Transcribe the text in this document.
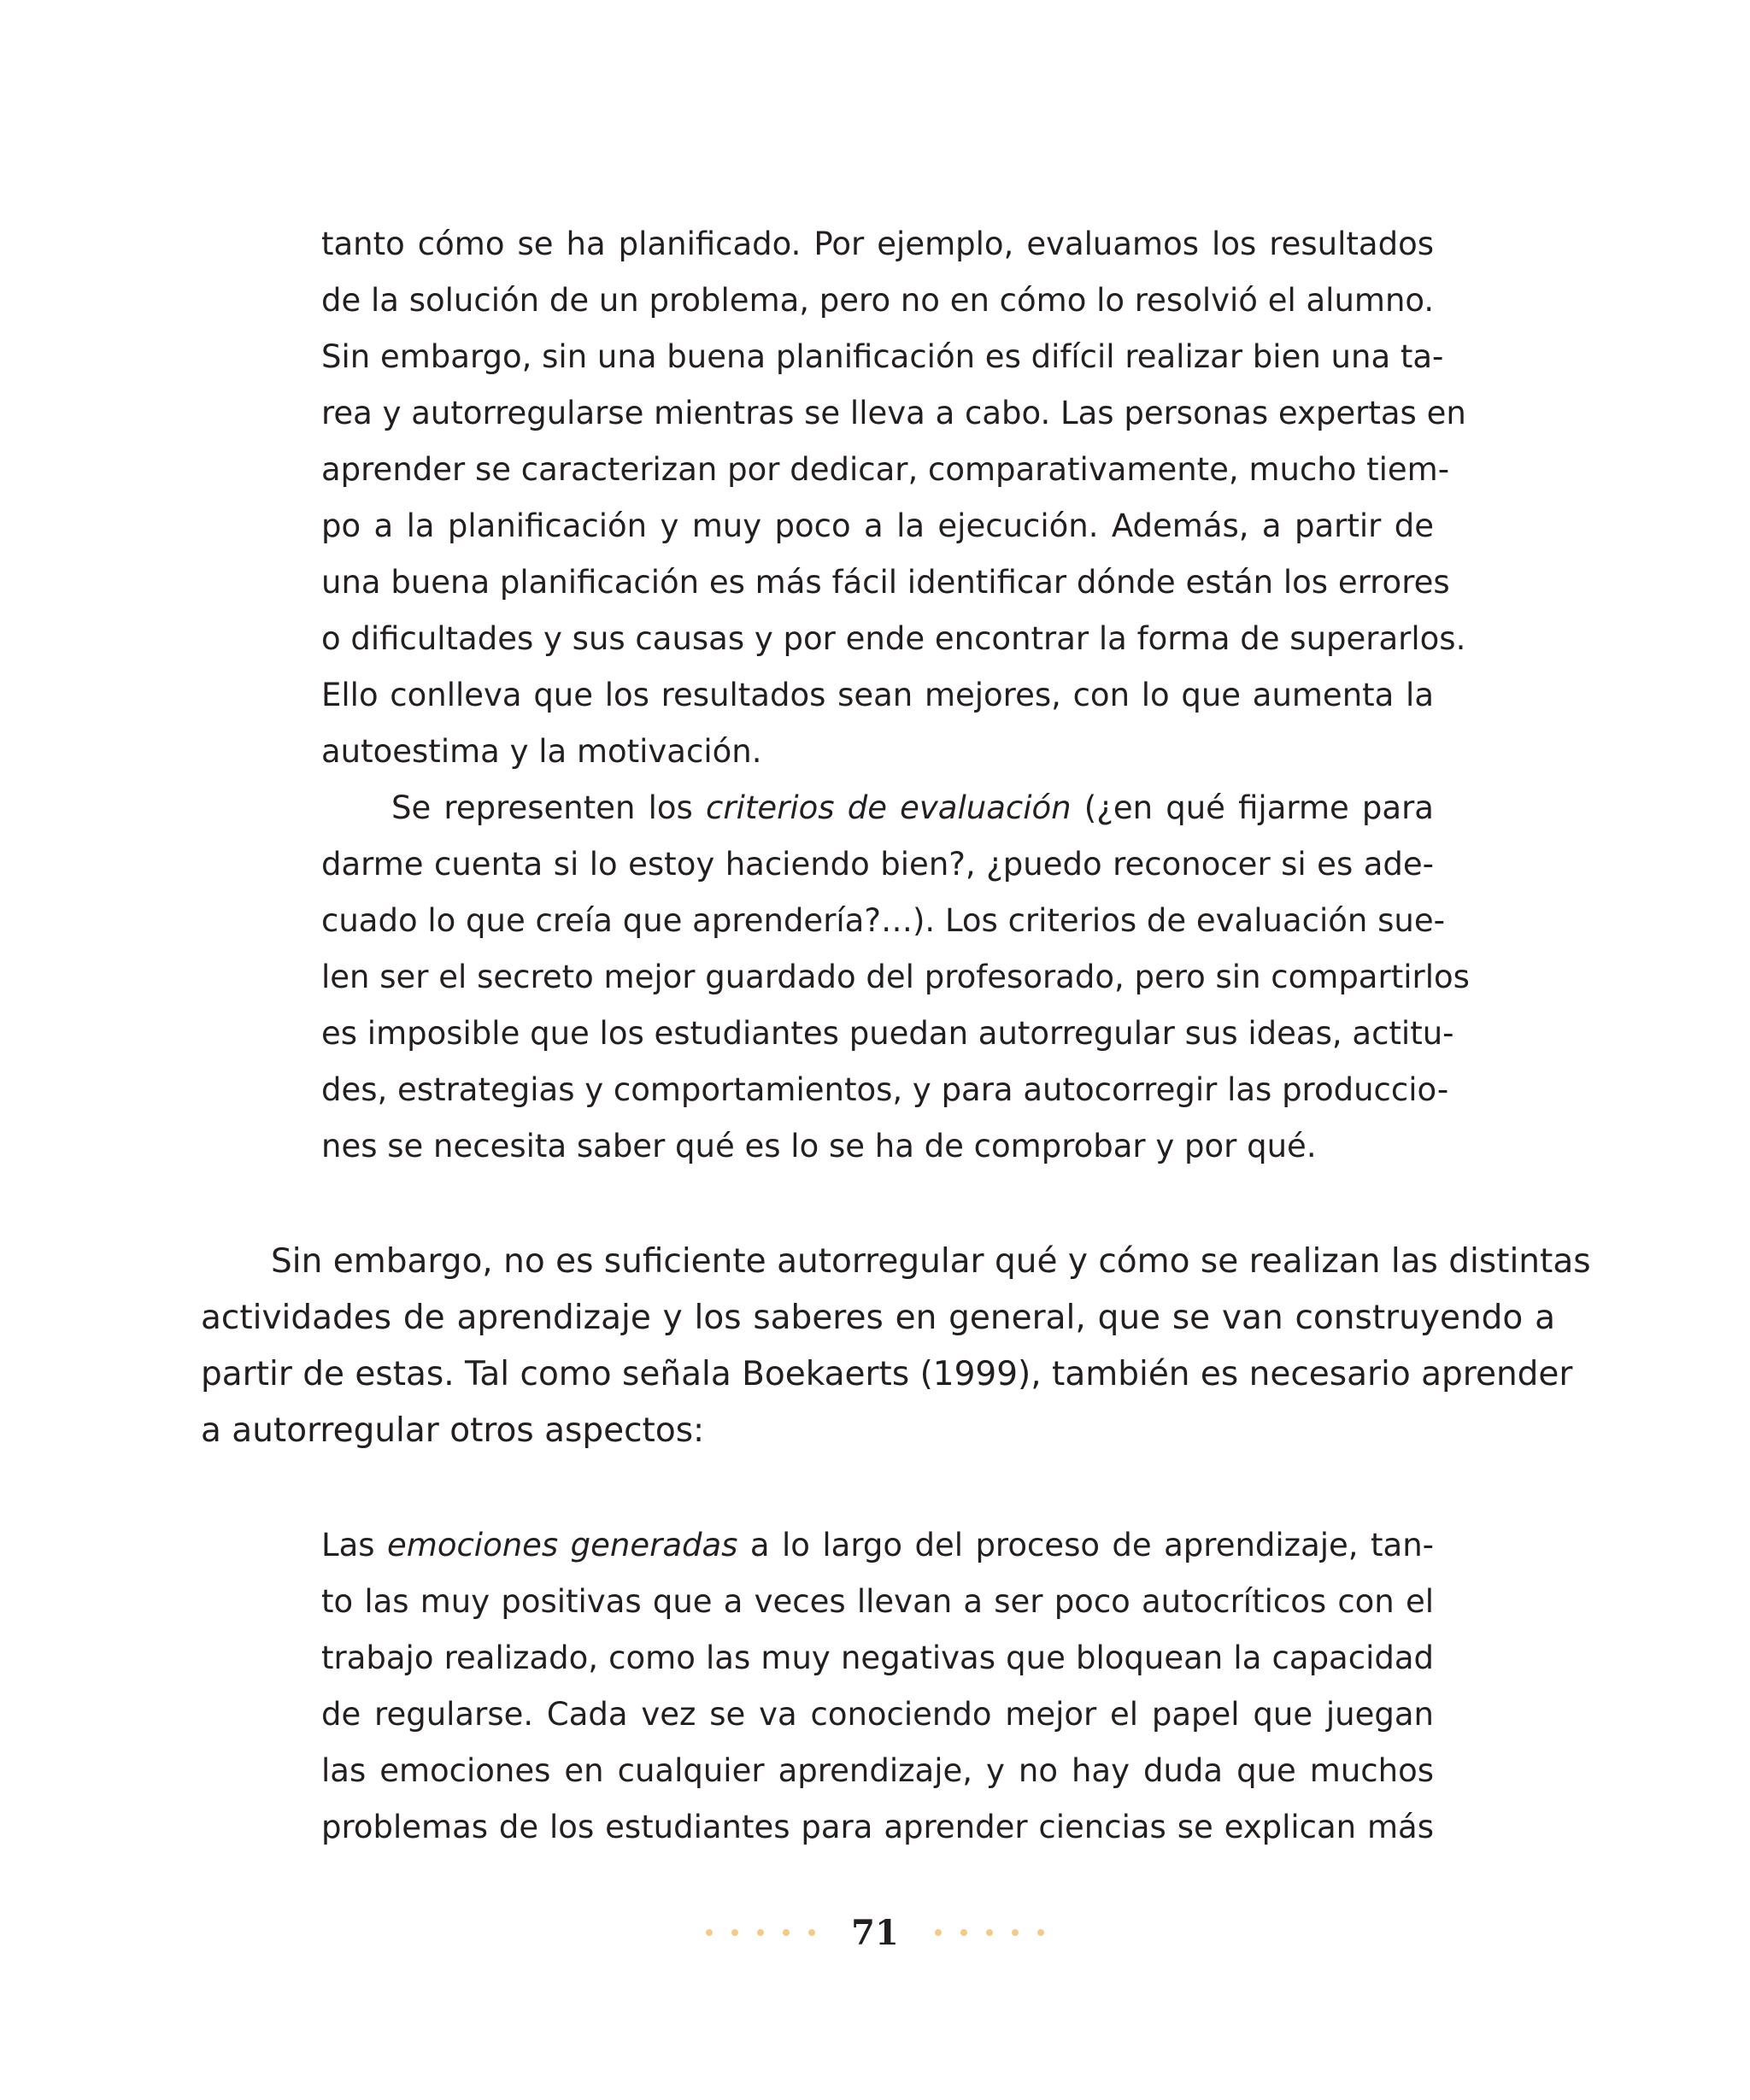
tanto cómo se ha planificado. Por ejemplo, evaluamos los resultados
de la solución de un problema, pero no en cómo lo resolvió el alumno.
Sin embargo, sin una buena planificación es difícil realizar bien una ta-
rea y autorregularse mientras se lleva a cabo. Las personas expertas en
aprender se caracterizan por dedicar, comparativamente, mucho tiem-
po a la planificación y muy poco a la ejecución. Además, a partir de
una buena planificación es más fácil identificar dónde están los errores
o dificultades y sus causas y por ende encontrar la forma de superarlos.
Ello conlleva que los resultados sean mejores, con lo que aumenta la
autoestima y la motivación.
Se representen los criterios de evaluación (¿en qué fijarme para
darme cuenta si lo estoy haciendo bien?, ¿puedo reconocer si es ade-
cuado lo que creía que aprendería?…). Los criterios de evaluación sue-
len ser el secreto mejor guardado del profesorado, pero sin compartirlos
es imposible que los estudiantes puedan autorregular sus ideas, actitu-
des, estrategias y comportamientos, y para autocorregir las produccio-
nes se necesita saber qué es lo se ha de comprobar y por qué.
Sin embargo, no es suficiente autorregular qué y cómo se realizan las distintas
actividades de aprendizaje y los saberes en general, que se van construyendo a
partir de estas. Tal como señala Boekaerts (1999), también es necesario aprender
a autorregular otros aspectos:
Las emociones generadas a lo largo del proceso de aprendizaje, tan-
to las muy positivas que a veces llevan a ser poco autocríticos con el
trabajo realizado, como las muy negativas que bloquean la capacidad
de regularse. Cada vez se va conociendo mejor el papel que juegan
las emociones en cualquier aprendizaje, y no hay duda que muchos
problemas de los estudiantes para aprender ciencias se explican más
71
